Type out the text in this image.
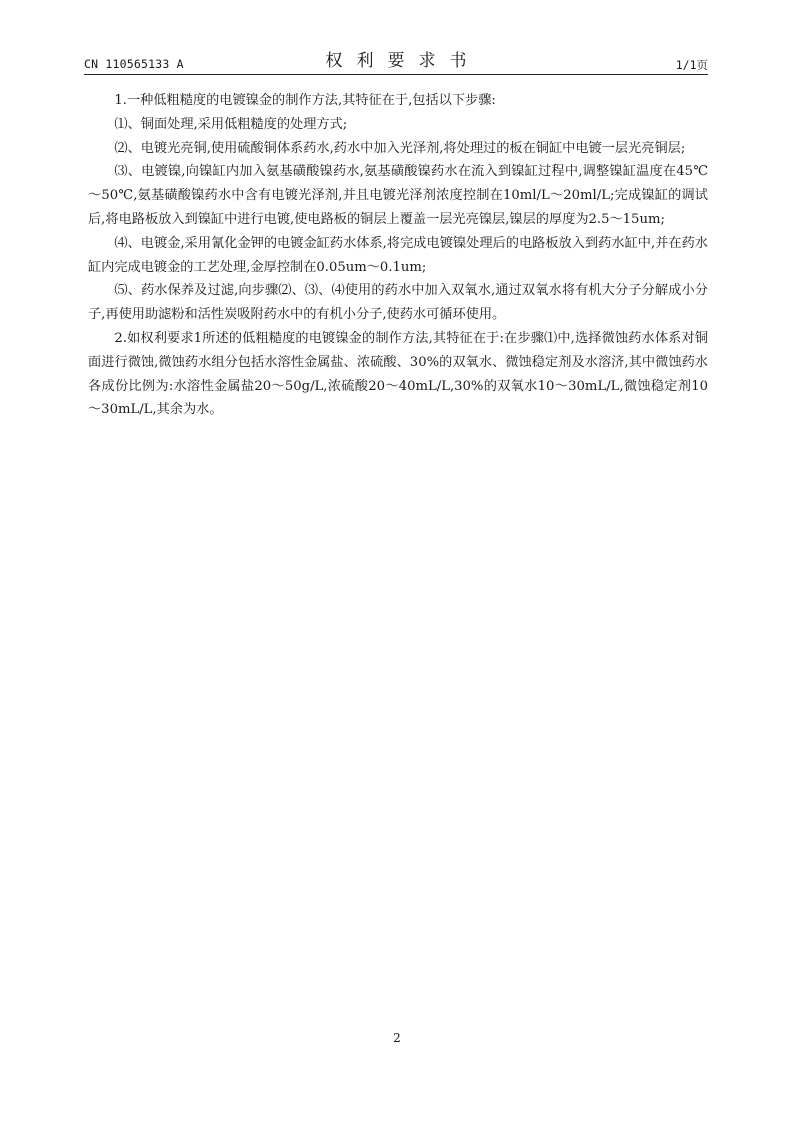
CN 110565133 A	权利要求书	1/1页

1.一种低粗糙度的电镀镍金的制作方法,其特征在于,包括以下步骤:

⑴、铜面处理,采用低粗糙度的处理方式;

⑵、电镀光亮铜,使用硫酸铜体系药水,药水中加入光泽剂,将处理过的板在铜缸中电镀一层光亮铜层;

⑶、电镀镍,向镍缸内加入氨基磺酸镍药水,氨基磺酸镍药水在流入到镍缸过程中,调整镍缸温度在45℃～50℃,氨基磺酸镍药水中含有电镀光泽剂,并且电镀光泽剂浓度控制在10ml/L～20ml/L;完成镍缸的调试后,将电路板放入到镍缸中进行电镀,使电路板的铜层上覆盖一层光亮镍层,镍层的厚度为2.5～15um;

⑷、电镀金,采用氰化金钾的电镀金缸药水体系,将完成电镀镍处理后的电路板放入到药水缸中,并在药水缸内完成电镀金的工艺处理,金厚控制在0.05um～0.1um;

⑸、药水保养及过滤,向步骤⑵、⑶、⑷使用的药水中加入双氧水,通过双氧水将有机大分子分解成小分子,再使用助滤粉和活性炭吸附药水中的有机小分子,使药水可循环使用。

2.如权利要求1所述的低粗糙度的电镀镍金的制作方法,其特征在于:在步骤⑴中,选择微蚀药水体系对铜面进行微蚀,微蚀药水组分包括水溶性金属盐、浓硫酸、30%的双氧水、微蚀稳定剂及水溶济,其中微蚀药水各成份比例为:水溶性金属盐20～50g/L,浓硫酸20～40mL/L,30%的双氧水10～30mL/L,微蚀稳定剂10～30mL/L,其余为水。

2
